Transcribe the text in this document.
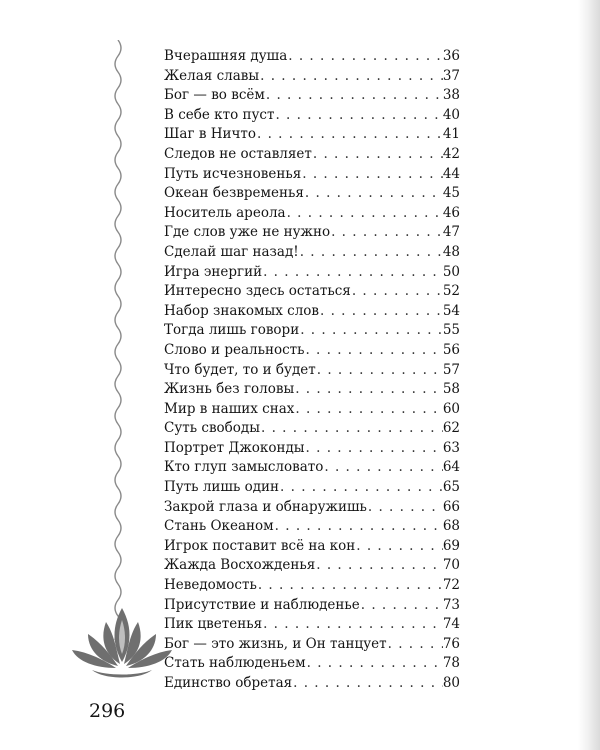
Вчерашняя душа . . .	36
Желая славы . . .	37
Бог — во всём . . .	38
В себе кто пуст . . .	40
Шаг в Ничто . . .	41
Следов не оставляет . . .	42
Путь исчезновенья . . .	44
Океан безвременья . . .	45
Носитель ареола . . .	46
Где слов уже не нужно . . .	47
Сделай шаг назад! . . .	48
Игра энергий . . .	50
Интересно здесь остаться . . .	52
Набор знакомых слов . . .	54
Тогда лишь говори . . .	55
Слово и реальность . . .	56
Что будет, то и будет . . .	57
Жизнь без головы . . .	58
Мир в наших снах . . .	60
Суть свободы . . .	62
Портрет Джоконды . . .	63
Кто глуп замысловато . . .	64
Путь лишь один . . .	65
Закрой глаза и обнаружишь . . .	66
Стань Океаном . . .	68
Игрок поставит всё на кон . . .	69
Жажда Восхожденья . . .	70
Неведомость . . .	72
Присутствие и наблюденье . . .	73
Пик цветенья . . .	74
Бог — это жизнь, и Он танцует . . .	76
Стать наблюденьем . . .	78
Единство обретая . . .	80
296
